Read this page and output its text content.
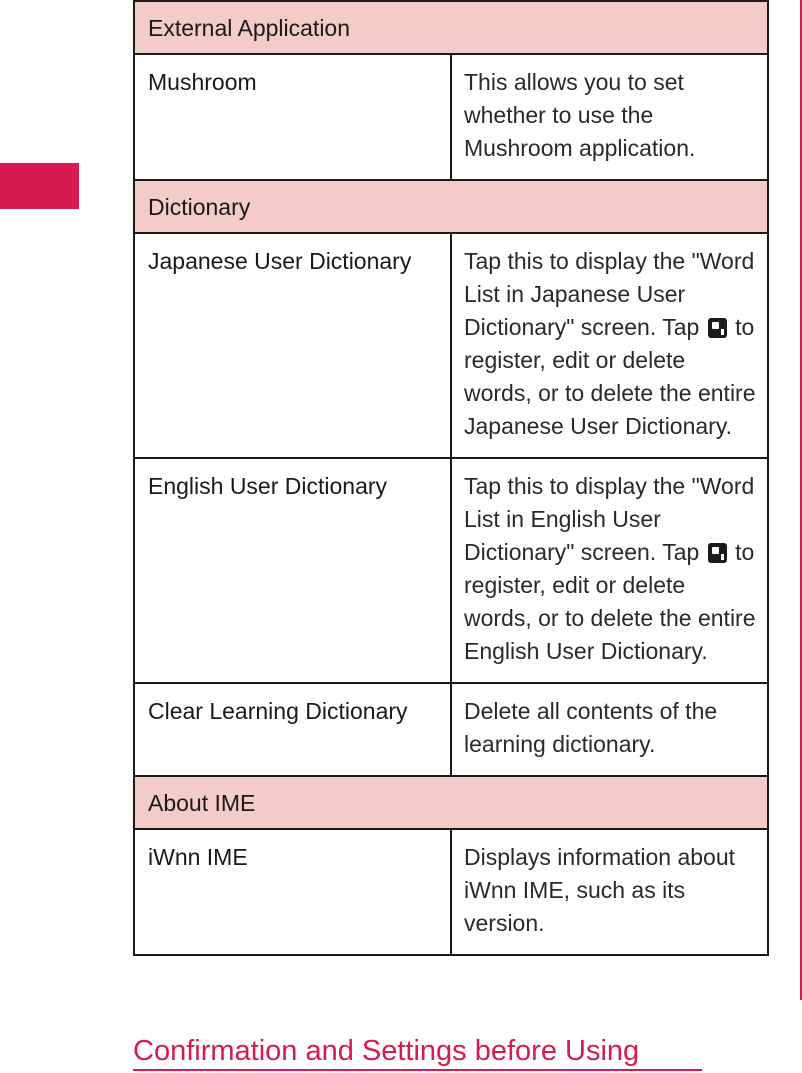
External Application	
Mushroom	This allows you to set whether to use the Mushroom application.
Dictionary	
Japanese User Dictionary	Tap this to display the "Word List in Japanese User Dictionary" screen. Tap to register, edit or delete words, or to delete the entire Japanese User Dictionary.
English User Dictionary	Tap this to display the "Word List in English User Dictionary" screen. Tap to register, edit or delete words, or to delete the entire English User Dictionary.
Clear Learning Dictionary	Delete all contents of the learning dictionary.
About IME	
iWnn IME	Displays information about iWnn IME, such as its version.
Confirmation and Settings before Using
